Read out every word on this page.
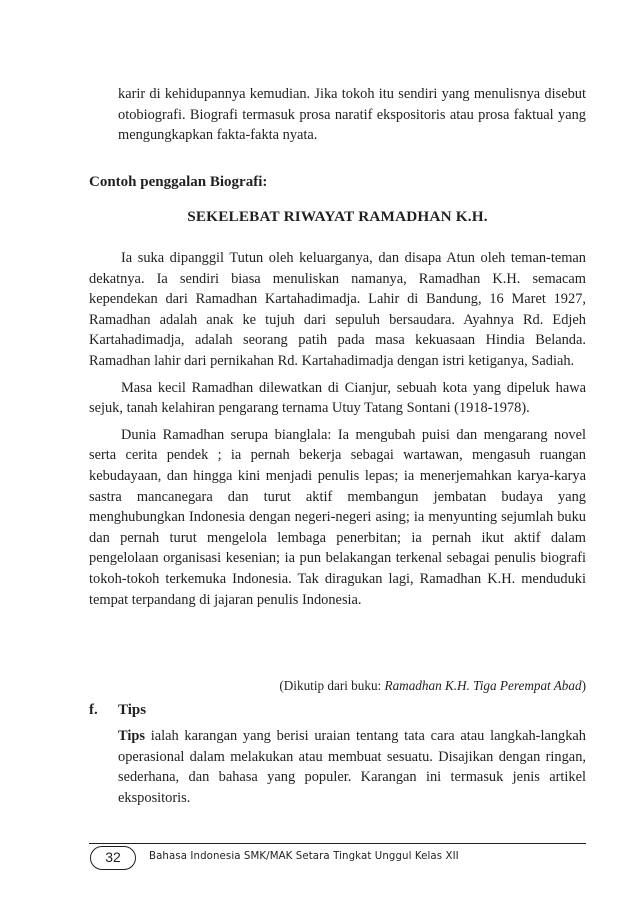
karir di kehidupannya kemudian. Jika tokoh itu sendiri yang menulisnya disebut otobiografi. Biografi termasuk prosa naratif ekspositoris atau prosa faktual yang mengungkapkan fakta-fakta nyata.

Contoh penggalan Biografi:
SEKELEBAT RIWAYAT RAMADHAN K.H.

Ia suka dipanggil Tutun oleh keluarganya, dan disapa Atun oleh teman-teman dekatnya. Ia sendiri biasa menuliskan namanya, Ramadhan K.H. semacam kependekan dari Ramadhan Kartahadimadja. Lahir di Bandung, 16 Maret 1927, Ramadhan adalah anak ke tujuh dari sepuluh bersaudara. Ayahnya Rd. Edjeh Kartahadimadja, adalah seorang patih pada masa kekuasaan Hindia Belanda. Ramadhan lahir dari pernikahan Rd. Kartahadimadja dengan istri ketiganya, Sadiah.

Masa kecil Ramadhan dilewatkan di Cianjur, sebuah kota yang dipeluk hawa sejuk, tanah kelahiran pengarang ternama Utuy Tatang Sontani (1918-1978).

Dunia Ramadhan serupa bianglala: Ia mengubah puisi dan mengarang novel serta cerita pendek ; ia pernah bekerja sebagai wartawan, mengasuh ruangan kebudayaan, dan hingga kini menjadi penulis lepas; ia menerjemahkan karya-karya sastra mancanegara dan turut aktif membangun jembatan budaya yang menghubungkan Indonesia dengan negeri-negeri asing; ia menyunting sejumlah buku dan pernah turut mengelola lembaga penerbitan; ia pernah ikut aktif dalam pengelolaan organisasi kesenian; ia pun belakangan terkenal sebagai penulis biografi tokoh-tokoh terkemuka Indonesia. Tak diragukan lagi, Ramadhan K.H. menduduki tempat terpandang di jajaran penulis Indonesia.

(Dikutip dari buku: Ramadhan K.H. Tiga Perempat Abad)
f. Tips

Tips ialah karangan yang berisi uraian tentang tata cara atau langkah-langkah operasional dalam melakukan atau membuat sesuatu. Disajikan dengan ringan, sederhana, dan bahasa yang populer. Karangan ini termasuk jenis artikel ekspositoris.

32	Bahasa Indonesia SMK/MAK Setara Tingkat Unggul Kelas XII
